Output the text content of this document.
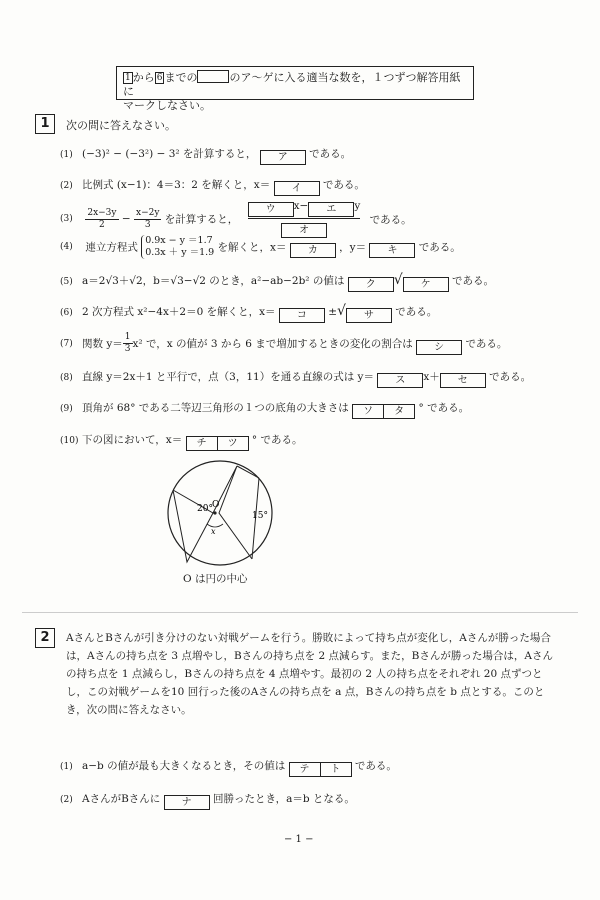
1 から 6 までの	のア～ゲに入る適当な数を，１つずつ解答用紙に
マークしなさい。
1	次の問に答えなさい。
(1) (−3)² − (−3²) − 3² を計算すると， ア である。
(2) 比例式 (x−1)：4＝3：2 を解くと，x＝ イ である。
$(3) \frac{2x-3y}{2} - \frac{x-2y}{3}$ を計算すると，
ウ x− エ y
オ
である。
(4) 連立方程式
0.9x − y ＝1.7
0.3x ＋ y ＝1.9 を解くと，x＝ カ ，y＝ キ である。
(5) a＝2√3＋√2，b＝√3−√2 のとき，a²−ab−2b² の値は ク √ ケ である。
(6) 2 次方程式 x²−4x＋2＝0 を解くと，x＝ コ ±√ サ である。
(7) 関数 $y= \frac{1}{3} x^2$ で，x の値が 3 から 6 まで増加するときの変化の割合は シ である。
(8) 直線 y＝2x＋1 と平行で，点（3，11）を通る直線の式は y＝ ス x＋ セ である。
(9) 頂角が 68° である二等辺三角形の１つの底角の大きさは	ソ	タ	° である。
(10) 下の図において，x＝	チ	ツ	° である。
20° O
x
15°
O は円の中心
2	AさんとBさんが引き分けのない対戦ゲームを行う。勝敗によって持ち点が変化し，Aさんが勝った場合は，Aさんの持ち点を 3 点増やし，Bさんの持ち点を 2 点減らす。また，Bさんが勝った場合は，Aさんの持ち点を 1 点減らし，Bさんの持ち点を 4 点増やす。最初の 2 人の持ち点をそれぞれ 20 点ずつとし，この対戦ゲームを10 回行った後のAさんの持ち点を a 点，Bさんの持ち点を b 点とする。このとき，次の問に答えなさい。
(1) a−b の値が最も大きくなるとき，その値は	テ	ト	である。
(2) AさんがBさんに ナ 回勝ったとき，a＝b となる。
− 1 −
